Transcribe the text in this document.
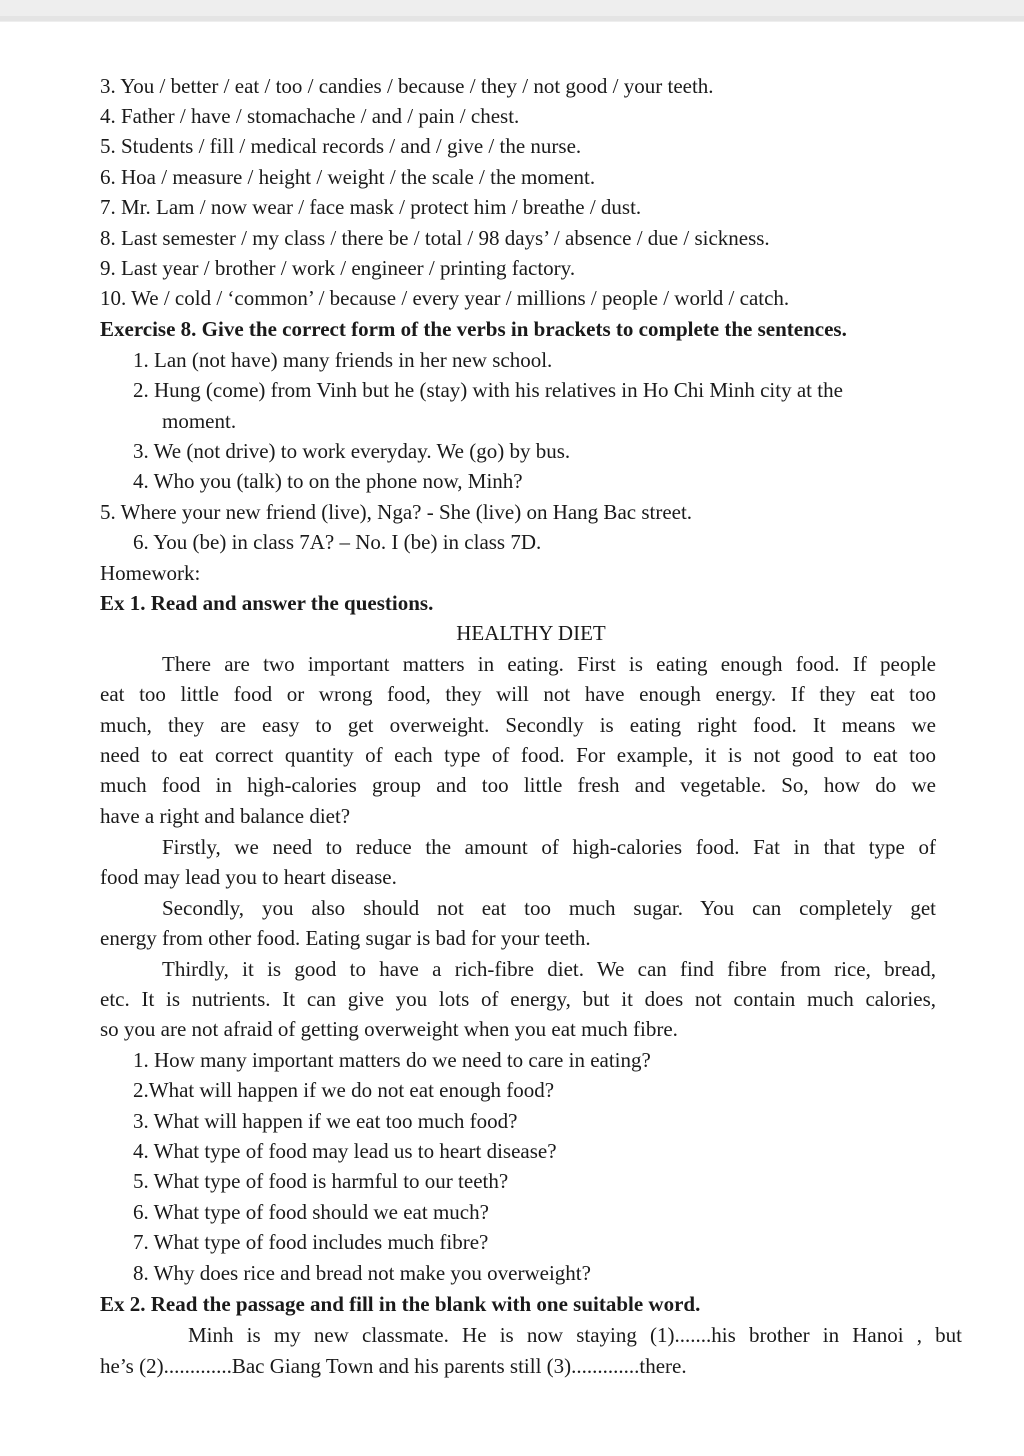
3. You / better / eat / too / candies / because / they / not good / your teeth.

4. Father / have / stomachache / and / pain / chest.

5. Students / fill / medical records / and / give / the nurse.

6. Hoa / measure / height / weight / the scale / the moment.

7. Mr. Lam / now wear / face mask / protect him / breathe / dust.

8. Last semester / my class / there be / total / 98 days’ / absence / due / sickness.

9. Last year / brother / work / engineer / printing factory.

10. We / cold / ‘common’ / because / every year / millions / people / world / catch.

Exercise 8. Give the correct form of the verbs in brackets to complete the sentences.

1. Lan (not have) many friends in her new school.

2. Hung (come) from Vinh but he (stay) with his relatives in Ho Chi Minh city at the

moment.

3. We (not drive) to work everyday. We (go) by bus.

4. Who you (talk) to on the phone now, Minh?

5. Where your new friend (live), Nga? - She (live) on Hang Bac street.

6. You (be) in class 7A? – No. I (be) in class 7D.

Homework:

Ex 1. Read and answer the questions.

HEALTHY DIET

There are two important matters in eating. First is eating enough food. If people

eat too little food or wrong food, they will not have enough energy. If they eat too

much, they are easy to get overweight. Secondly is eating right food. It means we

need to eat correct quantity of each type of food. For example, it is not good to eat too

much food in high-calories group and too little fresh and vegetable. So, how do we

have a right and balance diet?

Firstly, we need to reduce the amount of high-calories food. Fat in that type of

food may lead you to heart disease.

Secondly, you also should not eat too much sugar. You can completely get

energy from other food. Eating sugar is bad for your teeth.

Thirdly, it is good to have a rich-fibre diet. We can find fibre from rice, bread,

etc. It is nutrients. It can give you lots of energy, but it does not contain much calories,

so you are not afraid of getting overweight when you eat much fibre.

1. How many important matters do we need to care in eating?

2.What will happen if we do not eat enough food?

3. What will happen if we eat too much food?

4. What type of food may lead us to heart disease?

5. What type of food is harmful to our teeth?

6. What type of food should we eat much?

7. What type of food includes much fibre?

8. Why does rice and bread not make you overweight?

Ex 2. Read the passage and fill in the blank with one suitable word.

Minh is my new classmate. He is now staying (1).......his brother in Hanoi , but

he’s (2).............Bac Giang Town and his parents still (3).............there.
